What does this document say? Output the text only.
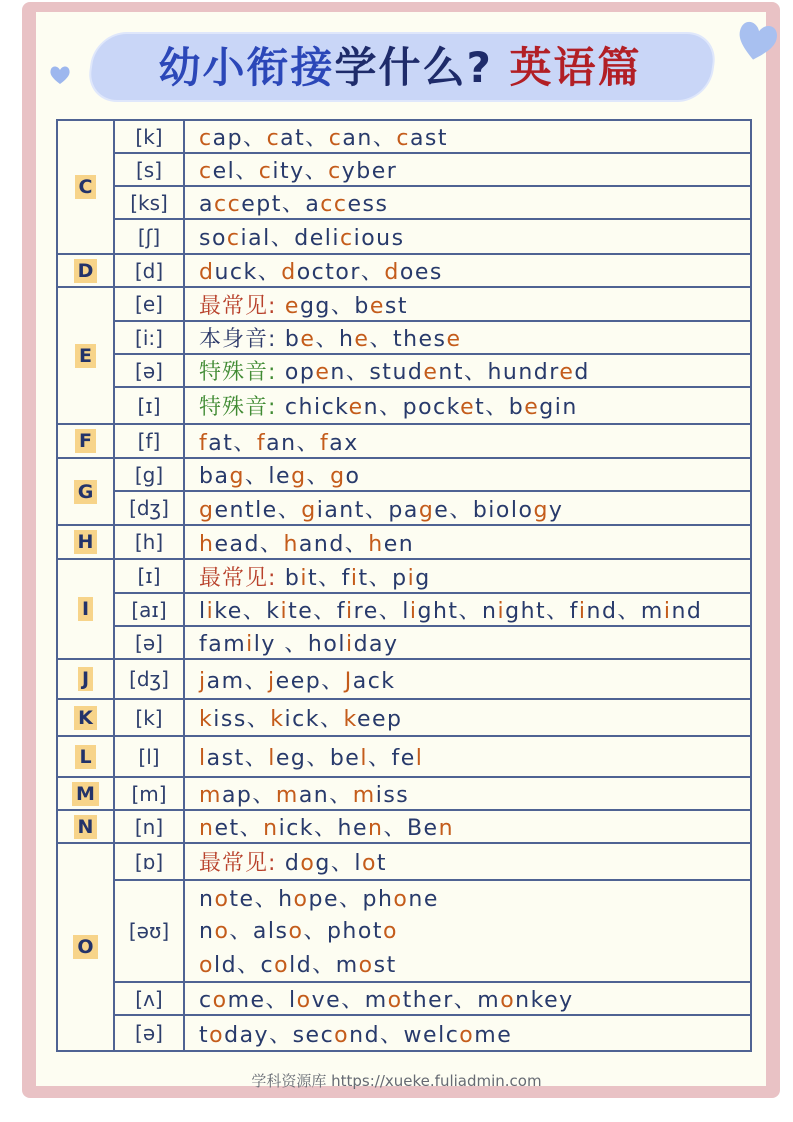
幼小衔接学什么? 英语篇
C	[k]	cap、cat、can、cast
	[s]	cel、city、cyber
	[ks]	accept、access
	[ʃ]	social、delicious
D	[d]	duck、doctor、does
E	[e]	最常见: egg、best
	[i:]	本身音: be、he、these
	[ə]	特殊音: open、student、hundred
	[ɪ]	特殊音: chicken、pocket、begin
F	[f]	fat、fan、fax
G	[g]	bag、leg、go
	[dʒ]	gentle、giant、page、biology
H	[h]	head、hand、hen
I	[ɪ]	最常见: bit、fit、pig
	[aɪ]	like、kite、fire、light、night、find、mind
	[ə]	family 、holiday
J	[dʒ]	jam、jeep、Jack
K	[k]	kiss、kick、keep
L	[l]	last、leg、bel、fel
M	[m]	map、man、miss
N	[n]	net、nick、hen、Ben
O	[ɒ]	最常见: dog、lot
	[əʊ]	note、hope、phone
		no、also、photo
		old、cold、most
	[ʌ]	come、love、mother、monkey
	[ə]	today、second、welcome
学科资源库 https://xueke.fuliadmin.com
